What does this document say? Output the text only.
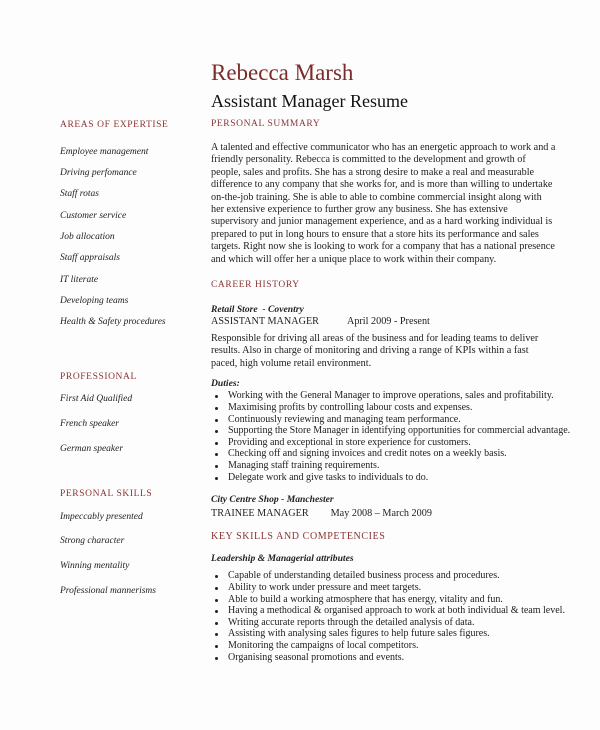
Rebecca Marsh
Assistant Manager Resume
AREAS OF EXPERTISE
Employee management
Driving perfomance
Staff rotas
Customer service
Job allocation
Staff appraisals
IT literate
Developing teams
Health & Safety procedures
PROFESSIONAL
First Aid Qualified
French speaker
German speaker
PERSONAL SKILLS
Impeccably presented
Strong character
Winning mentality
Professional mannerisms
PERSONAL SUMMARY
A talented and effective communicator who has an energetic approach to work and a friendly personality. Rebecca is committed to the development and growth of people, sales and profits. She has a strong desire to make a real and measurable difference to any company that she works for, and is more than willing to undertake on-the-job training. She is able to able to combine commercial insight along with her extensive experience to further grow any business. She has extensive supervisory and junior management experience, and as a hard working individual is prepared to put in long hours to ensure that a store hits its performance and sales targets. Right now she is looking to work for a company that has a national presence and which will offer her a unique place to work within their company.
CAREER HISTORY
Retail Store  - Coventry
ASSISTANT MANAGER	April 2009 - Present
Responsible for driving all areas of the business and for leading teams to deliver results. Also in charge of monitoring and driving a range of KPIs within a fast paced, high volume retail environment.
Duties:
Working with the General Manager to improve operations, sales and profitability.
Maximising profits by controlling labour costs and expenses.
Continuously reviewing and managing team performance.
Supporting the Store Manager in identifying opportunities for commercial advantage.
Providing and exceptional in store experience for customers.
Checking off and signing invoices and credit notes on a weekly basis.
Managing staff training requirements.
Delegate work and give tasks to individuals to do.
City Centre Shop - Manchester
TRAINEE MANAGER May 2008 – March 2009
KEY SKILLS AND COMPETENCIES
Leadership & Managerial attributes
Capable of understanding detailed business process and procedures.
Ability to work under pressure and meet targets.
Able to build a working atmosphere that has energy, vitality and fun.
Having a methodical & organised approach to work at both individual & team level.
Writing accurate reports through the detailed analysis of data.
Assisting with analysing sales figures to help future sales figures.
Monitoring the campaigns of local competitors.
Organising seasonal promotions and events.
